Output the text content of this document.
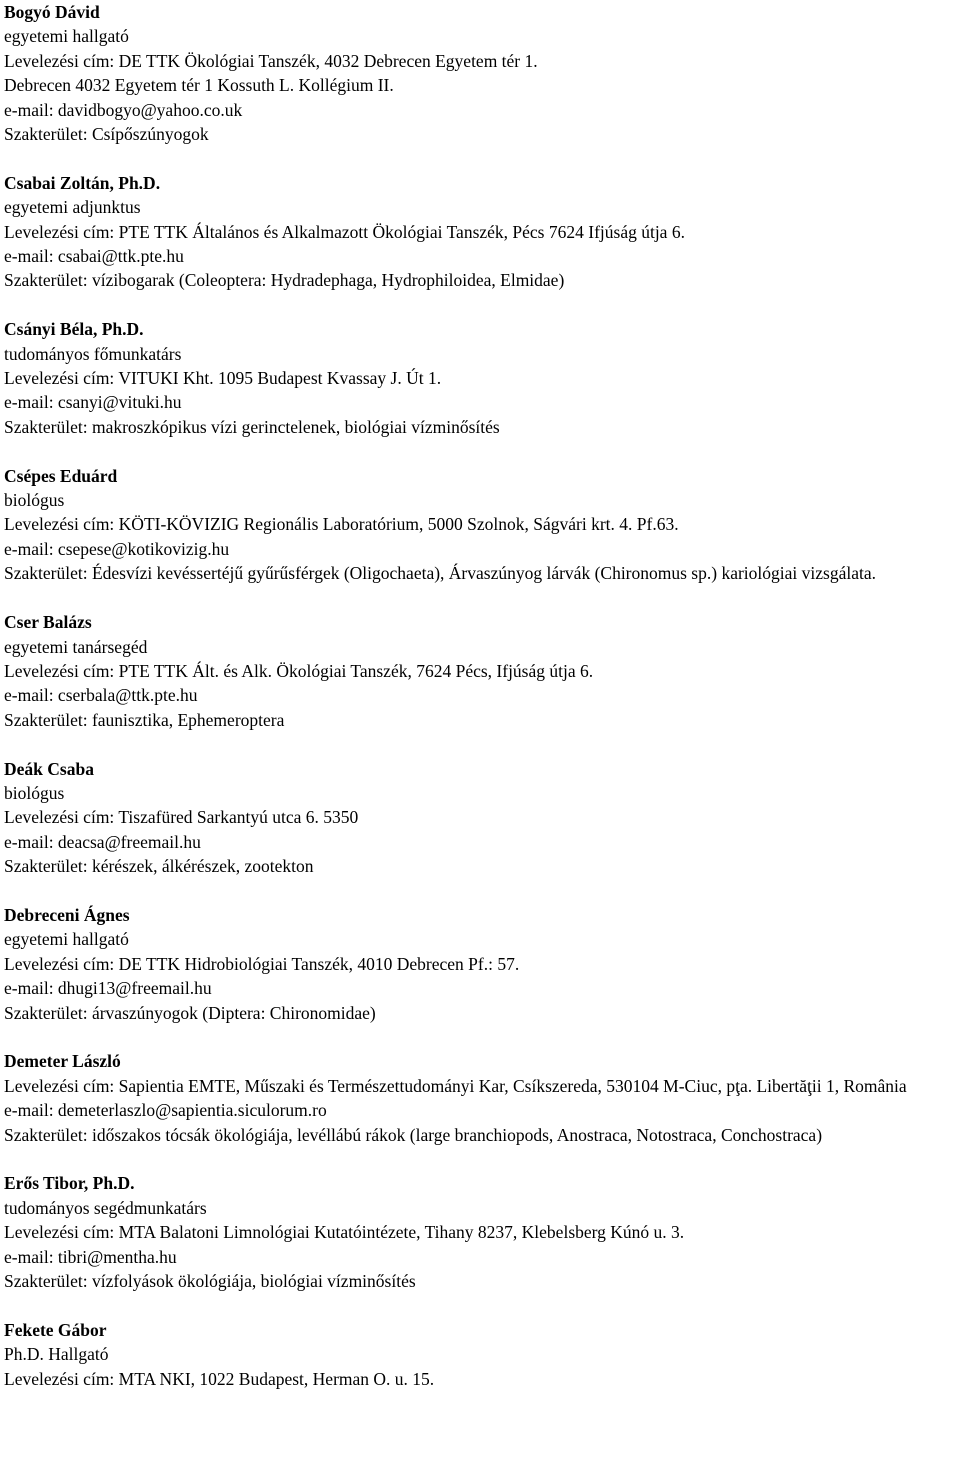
Bogyó Dávid
egyetemi hallgató
Levelezési cím: DE TTK Ökológiai Tanszék, 4032 Debrecen Egyetem tér 1.
Debrecen 4032 Egyetem tér 1 Kossuth L. Kollégium II.
e-mail: davidbogyo@yahoo.co.uk
Szakterület: Csípőszúnyogok
Csabai Zoltán, Ph.D.
egyetemi adjunktus
Levelezési cím: PTE TTK Általános és Alkalmazott Ökológiai Tanszék, Pécs 7624 Ifjúság útja 6.
e-mail: csabai@ttk.pte.hu
Szakterület: vízibogarak (Coleoptera: Hydradephaga, Hydrophiloidea, Elmidae)
Csányi Béla, Ph.D.
tudományos főmunkatárs
Levelezési cím: VITUKI Kht. 1095 Budapest Kvassay J. Út 1.
e-mail: csanyi@vituki.hu
Szakterület: makroszkópikus vízi gerinctelenek, biológiai vízminősítés
Csépes Eduárd
biológus
Levelezési cím: KÖTI-KÖVIZIG Regionális Laboratórium, 5000 Szolnok, Ságvári krt. 4. Pf.63.
e-mail: csepese@kotikovizig.hu
Szakterület: Édesvízi kevéssertéjű gyűrűsférgek (Oligochaeta), Árvaszúnyog lárvák (Chironomus sp.) kariológiai vizsgálata.
Cser Balázs
egyetemi tanársegéd
Levelezési cím: PTE TTK Ált. és Alk. Ökológiai Tanszék, 7624 Pécs, Ifjúság útja 6.
e-mail: cserbala@ttk.pte.hu
Szakterület: faunisztika, Ephemeroptera
Deák Csaba
biológus
Levelezési cím: Tiszafüred Sarkantyú utca 6. 5350
e-mail: deacsa@freemail.hu
Szakterület: kérészek, álkérészek, zootekton
Debreceni Ágnes
egyetemi hallgató
Levelezési cím: DE TTK Hidrobiológiai Tanszék, 4010 Debrecen Pf.: 57.
e-mail: dhugi13@freemail.hu
Szakterület: árvaszúnyogok (Diptera: Chironomidae)
Demeter László
Levelezési cím: Sapientia EMTE, Műszaki és Természettudományi Kar, Csíkszereda, 530104 M-Ciuc, pţa. Libertăţii 1, România
e-mail: demeterlaszlo@sapientia.siculorum.ro
Szakterület: időszakos tócsák ökológiája, levéllábú rákok (large branchiopods, Anostraca, Notostraca, Conchostraca)
Erős Tibor, Ph.D.
tudományos segédmunkatárs
Levelezési cím: MTA Balatoni Limnológiai Kutatóintézete, Tihany 8237, Klebelsberg Kúnó u. 3.
e-mail: tibri@mentha.hu
Szakterület: vízfolyások ökológiája, biológiai vízminősítés
Fekete Gábor
Ph.D. Hallgató
Levelezési cím: MTA NKI, 1022 Budapest, Herman O. u. 15.
